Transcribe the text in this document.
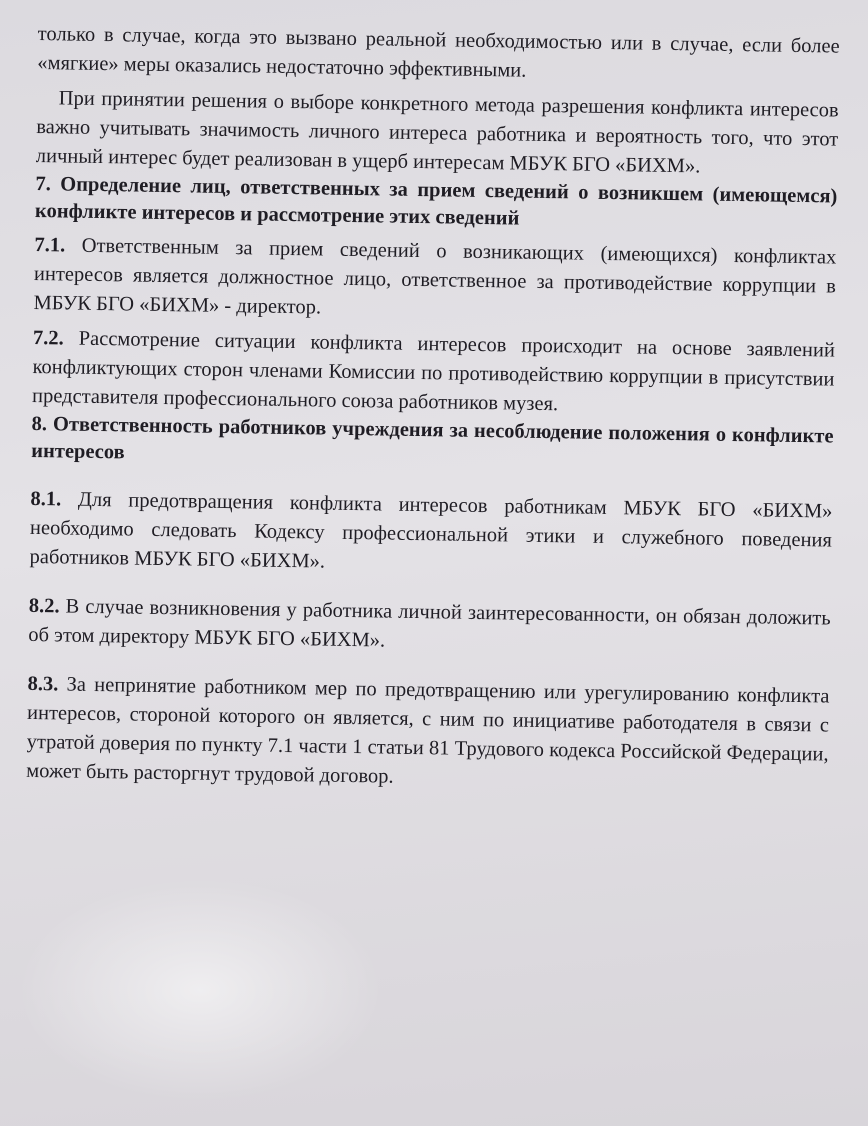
только в случае, когда это вызвано реальной необходимостью или в случае, если более «мягкие» меры оказались недостаточно эффективными.

При принятии решения о выборе конкретного метода разрешения конфликта интересов важно учитывать значимость личного интереса работника и вероятность того, что этот личный интерес будет реализован в ущерб интересам МБУК БГО «БИХМ».

7. Определение лиц, ответственных за прием сведений о возникшем (имеющемся) конфликте интересов и рассмотрение этих сведений

7.1. Ответственным за прием сведений о возникающих (имеющихся) конфликтах интересов является должностное лицо, ответственное за противодействие коррупции в МБУК БГО «БИХМ» - директор.

7.2. Рассмотрение ситуации конфликта интересов происходит на основе заявлений конфликтующих сторон членами Комиссии по противодействию коррупции в присутствии представителя профессионального союза работников музея.

8. Ответственность работников учреждения за несоблюдение положения о конфликте интересов

8.1. Для предотвращения конфликта интересов работникам МБУК БГО «БИХМ» необходимо следовать Кодексу профессиональной этики и служебного поведения работников МБУК БГО «БИХМ».

8.2. В случае возникновения у работника личной заинтересованности, он обязан доложить об этом директору МБУК БГО «БИХМ».

8.3. За непринятие работником мер по предотвращению или урегулированию конфликта интересов, стороной которого он является, с ним по инициативе работодателя в связи с утратой доверия по пункту 7.1 части 1 статьи 81 Трудового кодекса Российской Федерации, может быть расторгнут трудовой договор.
